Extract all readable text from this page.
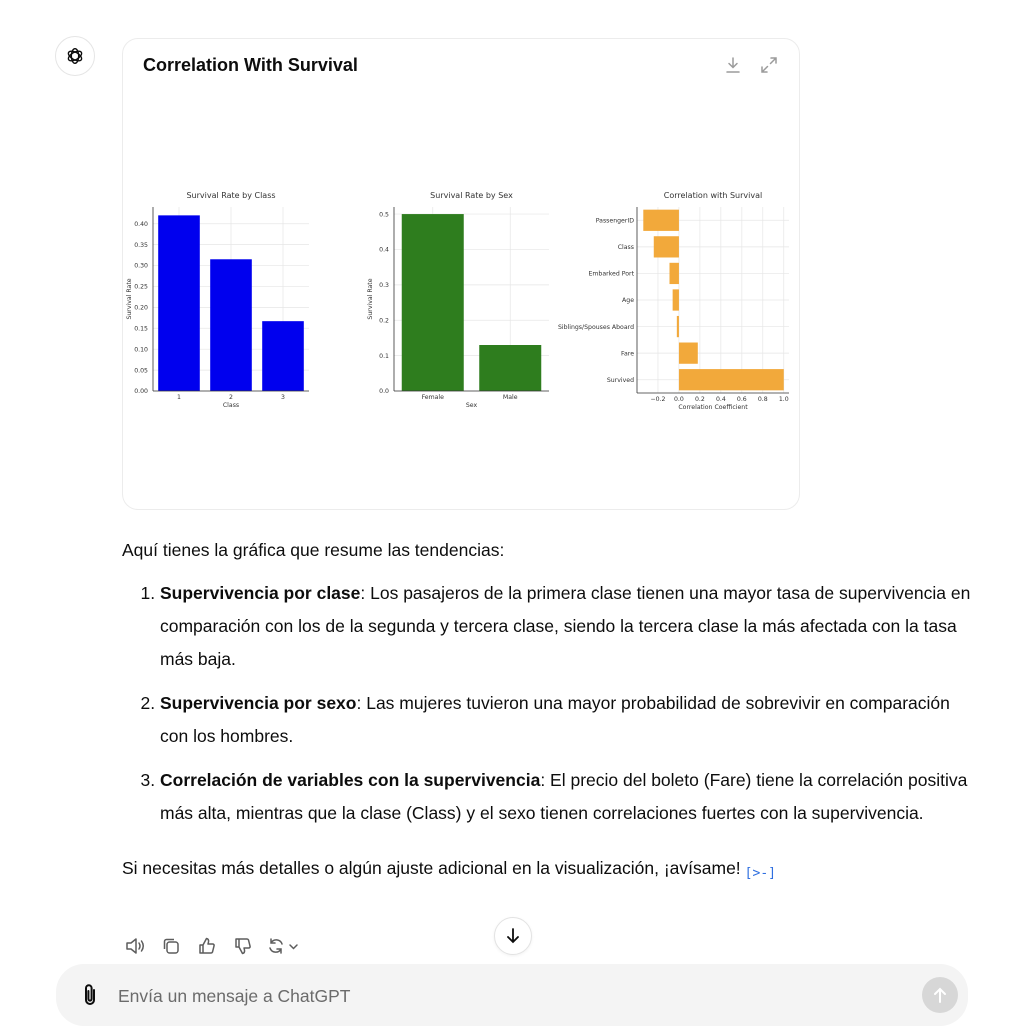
Correlation With Survival
0.00
0.05
0.10
0.15
0.20
0.25
0.30
0.35
0.40
1	2	3
Survival Rate by Class
Class
Survival Rate
0.0
0.1
0.2
0.3
0.4
0.5
Female	Male
Survival Rate by Sex
Sex
Survival Rate
−0.2 0.0 0.2 0.4 0.6 0.8 1.0
PassengerID
Class
Embarked Port
Age
Siblings/Spouses Aboard
Fare
Survived
Correlation with Survival
Correlation Coefficient

Aquí tienes la gráfica que resume las tendencias:

1. Supervivencia por clase: Los pasajeros de la primera clase tienen una mayor tasa de supervivencia en comparación con los de la segunda y tercera clase, siendo la tercera clase la más afectada con la tasa más baja.
2. Supervivencia por sexo: Las mujeres tuvieron una mayor probabilidad de sobrevivir en comparación con los hombres.
3. Correlación de variables con la supervivencia: El precio del boleto (Fare) tiene la correlación positiva más alta, mientras que la clase (Class) y el sexo tienen correlaciones fuertes con la supervivencia.

Si necesitas más detalles o algún ajuste adicional en la visualización, ¡avísame! [>-]

Envía un mensaje a ChatGPT
